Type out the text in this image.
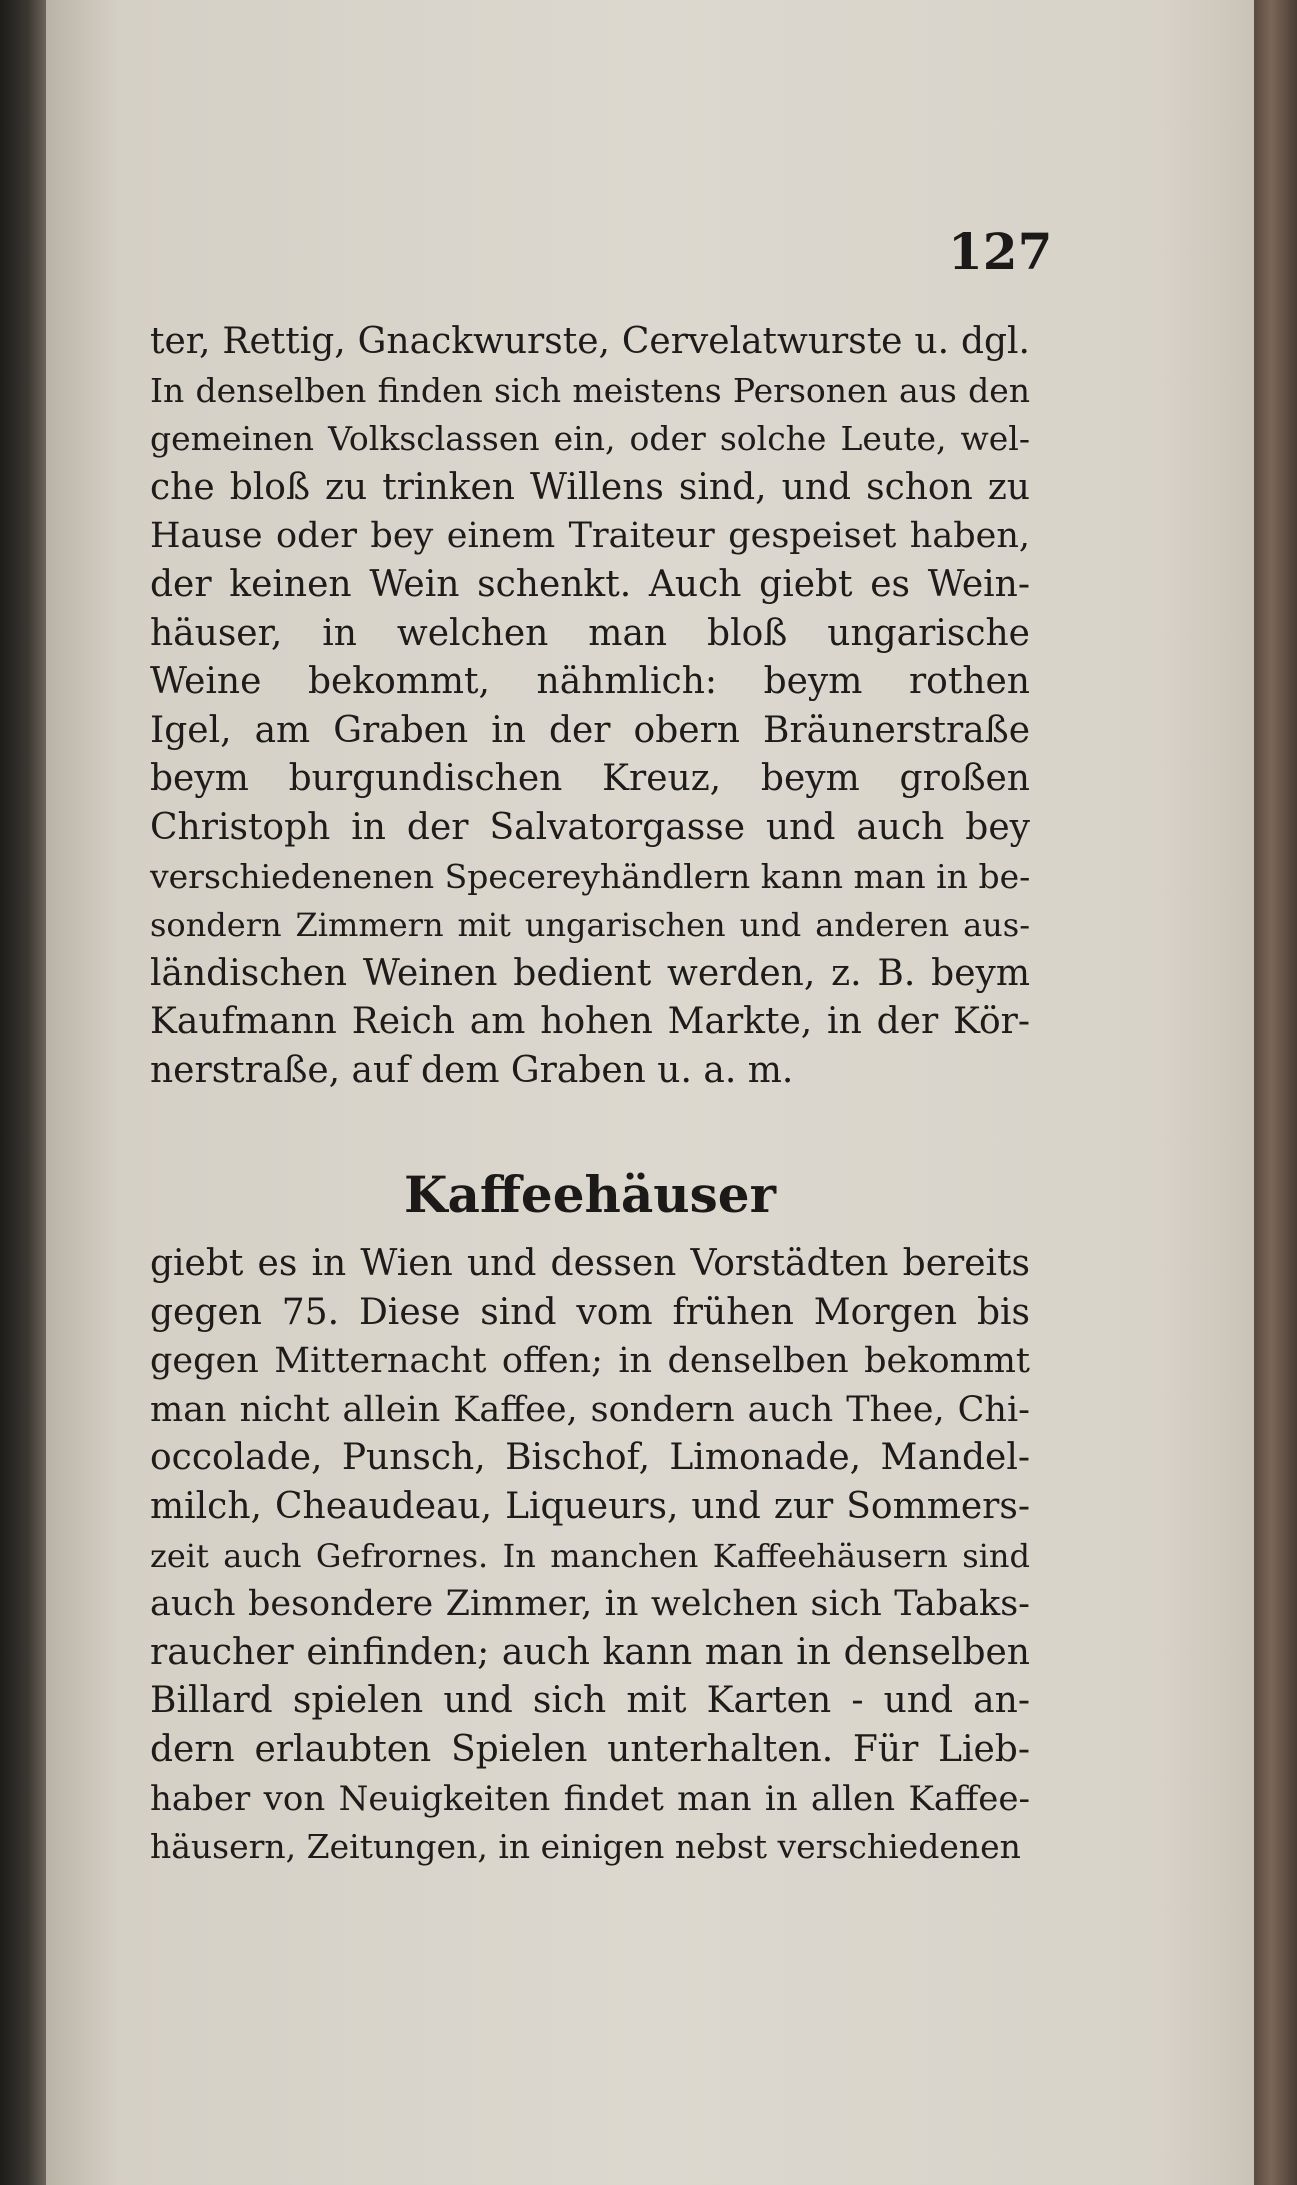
127
ter, Rettig, Gnackwurste, Cervelatwurste u. dgl.
In denselben finden sich meistens Personen aus den
gemeinen Volksclassen ein, oder solche Leute, wel-
che bloß zu trinken Willens sind, und schon zu
Hause oder bey einem Traiteur gespeiset haben,
der keinen Wein schenkt. Auch giebt es Wein-
häuser, in welchen man bloß ungarische
Weine bekommt, nähmlich: beym rothen
Igel, am Graben in der obern Bräunerstraße
beym burgundischen Kreuz, beym großen
Christoph in der Salvatorgasse und auch bey
verschiedenenen Specereyhändlern kann man in be-
sondern Zimmern mit ungarischen und anderen aus-
ländischen Weinen bedient werden, z. B. beym
Kaufmann Reich am hohen Markte, in der Kör-
nerstraße, auf dem Graben u. a. m.
Kaffeehäuser
giebt es in Wien und dessen Vorstädten bereits
gegen 75. Diese sind vom frühen Morgen bis
gegen Mitternacht offen; in denselben bekommt
man nicht allein Kaffee, sondern auch Thee, Chi-
occolade, Punsch, Bischof, Limonade, Mandel-
milch, Cheaudeau, Liqueurs, und zur Sommers-
zeit auch Gefrornes. In manchen Kaffeehäusern sind
auch besondere Zimmer, in welchen sich Tabaks-
raucher einfinden; auch kann man in denselben
Billard spielen und sich mit Karten - und an-
dern erlaubten Spielen unterhalten. Für Lieb-
haber von Neuigkeiten findet man in allen Kaffee-
häusern, Zeitungen, in einigen nebst verschiedenen
